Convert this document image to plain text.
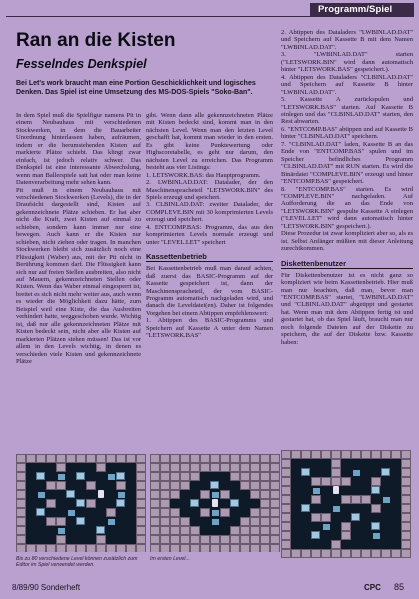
Programm/Spiel
Ran an die Kisten
Fesselndes Denkspiel

Bei Let's work braucht man eine Portion Geschicklichkeit und logisches Denken. Das Spiel ist eine Umsetzung des MS-DOS-Spiels "Soko-Ban".

In dem Spiel muß die Spielfigur namens Pit in einem Neubauhaus mit verschiedenen Stockwerken, in dem die Bauarbeiter Unordnung hinterlassen haben, aufräumen, indem er die herumstehenden Kisten auf markierte Plätze schiebt. Das klingt zwar einfach, ist jedoch relativ schwer. Das Denkspiel ist eine interessante Abwechslung, wenn man Ballerspiele satt hat oder man keine Datenverarbeitung mehr sehen kann.

Pit muß in einem Neubauhaus mit verschiedenen Stockwerken (Levels), die in der Draufsicht dargestellt sind, Kisten auf gekennzeichnete Plätze schieben. Er hat aber nicht die Kraft, zwei Kisten auf einmal zu schieben, sondern kann immer nur eine bewegen. Auch kann er die Kisten nur schieben, nicht ziehen oder tragen. In manchen Stockwerken bleibt sich zusätzlich noch eine Flüssigkeit (Waber) aus, mit der Pit nicht in Berührung kommen darf. Die Flüssigkeit kann sich nur auf freien Stellen ausbreiten, also nicht auf Mauern, gekennzeichneten Stellen oder Kisten. Wenn das Waber einmal eingesperrt ist, breitet es sich nicht mehr weiter aus, auch wenn es wieder die Möglichkeit dazu hätte, zum Beispiel weil eine Kiste, die das Ausbreiten verhindert hatte, weggeschoben wurde. Wichtig ist, daß nur alle gekennzeichneten Plätze mit Kisten bedeckt sein, nicht aber alle Kisten auf markierten Plätzen stehen müssen! Das ist vor allem in den Levels wichtig, in denen es verschieden viele Kisten und gekennzeichnete Plätze

gibt. Wenn dann alle gekennzeichneten Plätze mit Kisten bedeckt sind, kommt man in den nächsten Level. Wenn man den letzten Level geschafft hat, kommt man wieder in den ersten. Es gibt keine Punktewertung oder Highscoretabelle, es geht nur darum, den nächsten Level zu erreichen. Das Programm besteht aus vier Listings:

1. LETSWORK.BAS: das Hauptprogramm.

2. LWBINLAD.DAT: Datalader, der den Maschinenspracheteil "LETSWORK.BIN" des Spiels erzeugt und speichert.

3. CLBINLAD.DAT: zweiter Datalader, der COMPLEVE.BIN mit 30 komprimierten Levels erzeugt und speichert.

4. ENTCOMP.BAS: Programm, das aus den komprimierten Levels normale erzeugt und unter "LEVEL.LET" speichert

Kassettenbetrieb

Bei Kassettenbetrieb muß man darauf achten, daß zuerst das BASIC-Programm auf der Kassette gespeichert ist, dann der Maschinenspracheteil, der vom BASIC-Programm automatisch nachgeladen wird, und danach die Leveldatei(en). Daher ist folgendes Vorgehen bei einem Abtippen empfehlenswert:

1. Abtippen des BASIC-Programms und Speichern auf Kassette A unter dem Namen "LETSWORK.BAS"

2. Abtippen des Dataladers "LWBINLAD.DAT" und Speichern auf Kassette B mit dem Namen "LWBINLAD.DAT".

3. "LWBINLAD.DAT" starten ("LETSWORK.BIN" wird dann automatisch hinter "LETSWORK.BAS" gespeichert.).

4. Abtippen des Dataladers "CLBINLAD.DAT" und Speichern auf Kassette B hinter "LWBINLAD.DAT".

5. Kassette A zurückspulen und "LETSWORK.BAS" starten. Auf Kassette B einlegen und das "CLBINLAD.DAT" starten, den Rest abwarten.

6. "ENTCOMP.BAS" abtippen und auf Kassette B hinter "CLBINLAD.DAT" speichern.

7. "CLBINLAD.DAT" laden, Kassette B an das Ende von "ENTCOMP.BAS" spulen und im Speicher befindliches Programm "CLBINLAD.DAT" mit RUN starten. Es wird die Binärdatei "COMPLEVE.BIN" erzeugt und hinter "ENTCOMP.BAS" gespeichert.

8. "ENTCOMP.BAS" starten. Es wird "COMPLEVE.BIN" nachgeladen. Auf Aufforderung die an das Ende von "LETSWORK.BIN" gespulte Kassette A einlegen ("LEVEL.LET" wird dann automatisch hinter "LETSWORK.BIN" gespeichert.).

Diese Prozedur ist zwar kompliziert aber so, als es ist. Selbst Anfänger müßten mit dieser Anleitung zurechtkommen.

Diskettenbenutzer

Für Diskettenbenutzer ist es nicht ganz so kompliziert wie beim Kassettenbetrieb. Hier muß man nur beachten, daß man, bevor man "ENTCOMP.BAS" startet, "LWBINLAD.DAT" und "CLBINLAD.DAT" abgetippt und gestartet hat. Wenn man mit dem Abtippen fertig ist und gestartet hat, ob das Spiel läuft, braucht man nur noch folgende Dateien auf der Diskette zu speichern, die auf der Diskette bzw. Kassette haben:

Bis zu 80 verschiedene Level können zusätzlich zum Editor im Spiel verwendet werden.
Im ersten Level...
8/89/90 Sonderheft	CPC 85
